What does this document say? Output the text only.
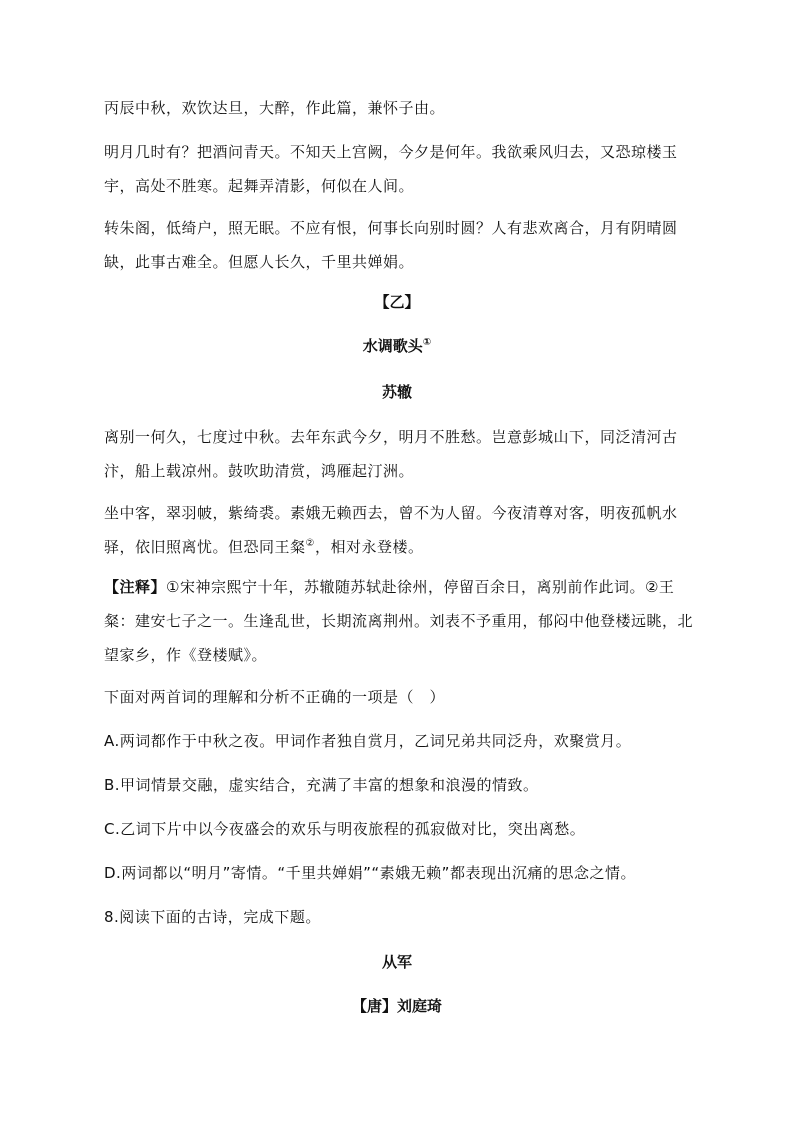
丙辰中秋，欢饮达旦，大醉，作此篇，兼怀子由。

明月几时有？把酒问青天。不知天上宫阙，今夕是何年。我欲乘风归去，又恐琼楼玉宇，高处不胜寒。起舞弄清影，何似在人间。

转朱阁，低绮户，照无眠。不应有恨，何事长向别时圆？人有悲欢离合，月有阴晴圆缺，此事古难全。但愿人长久，千里共婵娟。

【乙】

水调歌头①

苏辙

离别一何久，七度过中秋。去年东武今夕，明月不胜愁。岂意彭城山下，同泛清河古汴，船上载凉州。鼓吹助清赏，鸿雁起汀洲。

坐中客，翠羽帔，紫绮裘。素娥无赖西去，曾不为人留。今夜清尊对客，明夜孤帆水驿，依旧照离忧。但恐同王粲②，相对永登楼。

【注释】①宋神宗熙宁十年，苏辙随苏轼赴徐州，停留百余日，离别前作此词。②王粲：建安七子之一。生逢乱世，长期流离荆州。刘表不予重用，郁闷中他登楼远眺，北望家乡，作《登楼赋》。

下面对两首词的理解和分析不正确的一项是（　）

A.两词都作于中秋之夜。甲词作者独自赏月，乙词兄弟共同泛舟，欢聚赏月。

B.甲词情景交融，虚实结合，充满了丰富的想象和浪漫的情致。

C.乙词下片中以今夜盛会的欢乐与明夜旅程的孤寂做对比，突出离愁。

D.两词都以“明月”寄情。“千里共婵娟”“素娥无赖”都表现出沉痛的思念之情。

8.阅读下面的古诗，完成下题。

从军

【唐】刘庭琦
